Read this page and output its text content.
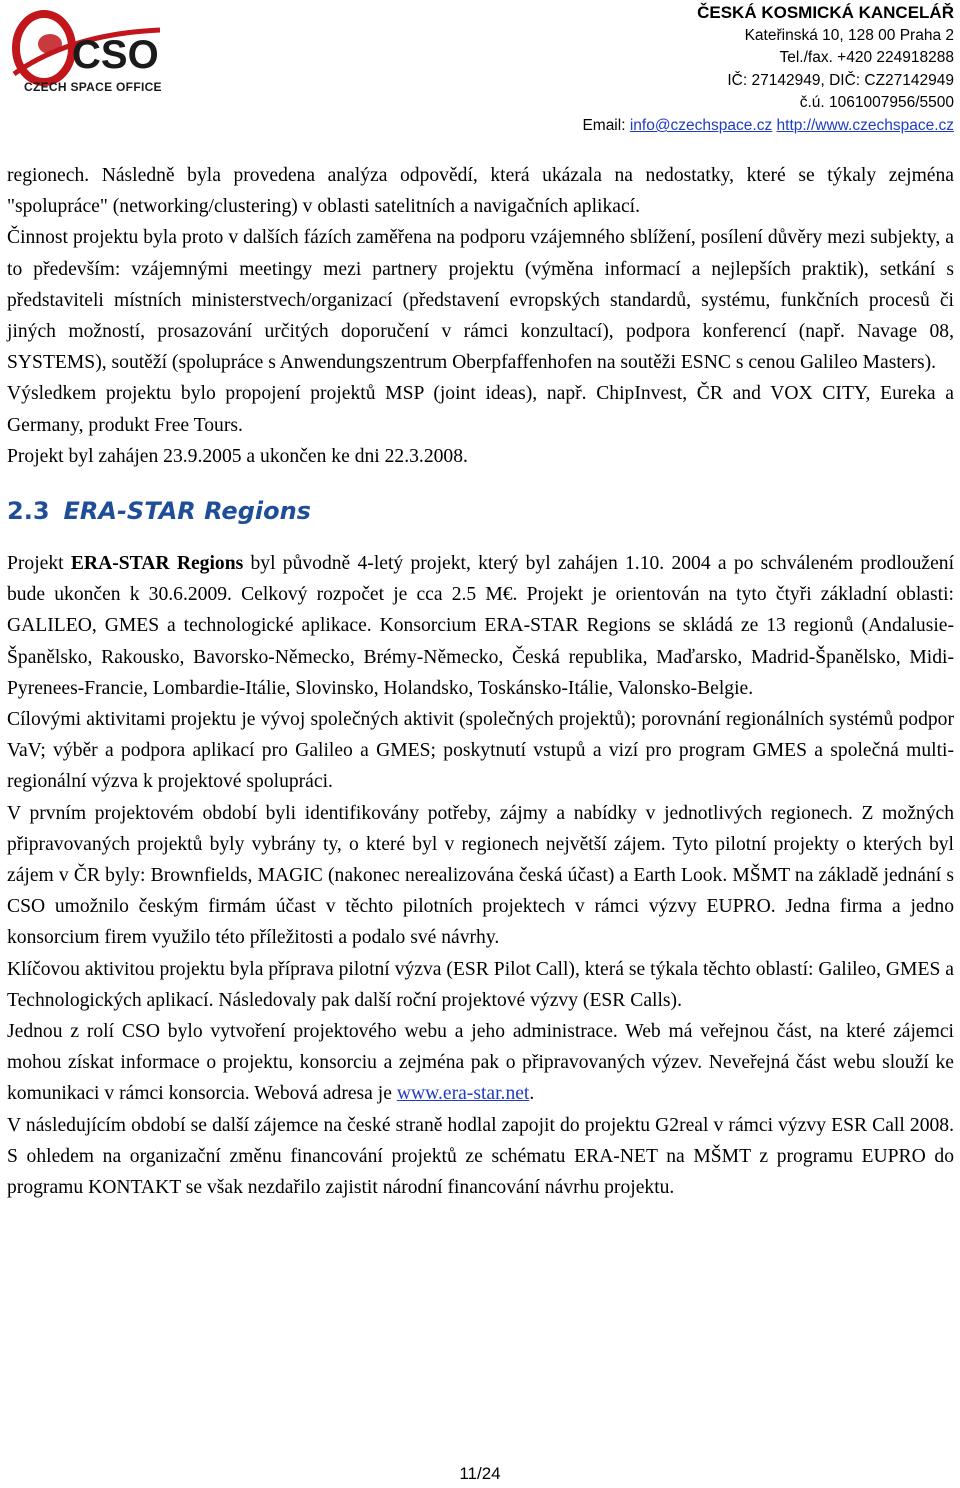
CSO
CZECH SPACE OFFICE
ČESKÁ KOSMICKÁ KANCELÁŘ
Kateřinská 10, 128 00 Praha 2
Tel./fax. +420 224918288
IČ: 27142949, DIČ: CZ27142949
č.ú. 1061007956/5500
Email: info@czechspace.cz http://www.czechspace.cz

regionech. Následně byla provedena analýza odpovědí, která ukázala na nedostatky, které se týkaly zejména "spolupráce" (networking/clustering) v oblasti satelitních a navigačních aplikací.

Činnost projektu byla proto v dalších fázích zaměřena na podporu vzájemného sblížení, posílení důvěry mezi subjekty, a to především: vzájemnými meetingy mezi partnery projektu (výměna informací a nejlepších praktik), setkání s představiteli místních ministerstvech/organizací (představení evropských standardů, systému, funkčních procesů či jiných možností, prosazování určitých doporučení v rámci konzultací), podpora konferencí (např. Navage 08, SYSTEMS), soutěží (spolupráce s Anwendungszentrum Oberpfaffenhofen na soutěži ESNC s cenou Galileo Masters).

Výsledkem projektu bylo propojení projektů MSP (joint ideas), např. ChipInvest, ČR and VOX CITY, Eureka a Germany, produkt Free Tours.

Projekt byl zahájen 23.9.2005 a ukončen ke dni 22.3.2008.

2.3 ERA-STAR Regions

Projekt ERA-STAR Regions byl původně 4-letý projekt, který byl zahájen 1.10. 2004 a po schváleném prodloužení bude ukončen k 30.6.2009. Celkový rozpočet je cca 2.5 M€. Projekt je orientován na tyto čtyři základní oblasti: GALILEO, GMES a technologické aplikace. Konsorcium ERA-STAR Regions se skládá ze 13 regionů (Andalusie-Španělsko, Rakousko, Bavorsko-Německo, Brémy-Německo, Česká republika, Maďarsko, Madrid-Španělsko, Midi-Pyrenees-Francie, Lombardie-Itálie, Slovinsko, Holandsko, Toskánsko-Itálie, Valonsko-Belgie.

Cílovými aktivitami projektu je vývoj společných aktivit (společných projektů); porovnání regionálních systémů podpor VaV; výběr a podpora aplikací pro Galileo a GMES; poskytnutí vstupů a vizí pro program GMES a společná multi-regionální výzva k projektové spolupráci.

V prvním projektovém období byli identifikovány potřeby, zájmy a nabídky v jednotlivých regionech. Z možných připravovaných projektů byly vybrány ty, o které byl v regionech největší zájem. Tyto pilotní projekty o kterých byl zájem v ČR byly: Brownfields, MAGIC (nakonec nerealizována česká účast) a Earth Look. MŠMT na základě jednání s CSO umožnilo českým firmám účast v těchto pilotních projektech v rámci výzvy EUPRO. Jedna firma a jedno konsorcium firem využilo této příležitosti a podalo své návrhy.

Klíčovou aktivitou projektu byla příprava pilotní výzva (ESR Pilot Call), která se týkala těchto oblastí: Galileo, GMES a Technologických aplikací. Následovaly pak další roční projektové výzvy (ESR Calls).

Jednou z rolí CSO bylo vytvoření projektového webu a jeho administrace. Web má veřejnou část, na které zájemci mohou získat informace o projektu, konsorciu a zejména pak o připravovaných výzev. Neveřejná část webu slouží ke komunikaci v rámci konsorcia. Webová adresa je www.era-star.net.

V následujícím období se další zájemce na české straně hodlal zapojit do projektu G2real v rámci výzvy ESR Call 2008. S ohledem na organizační změnu financování projektů ze schématu ERA-NET na MŠMT z programu EUPRO do programu KONTAKT se však nezdařilo zajistit národní financování návrhu projektu.

11/24
